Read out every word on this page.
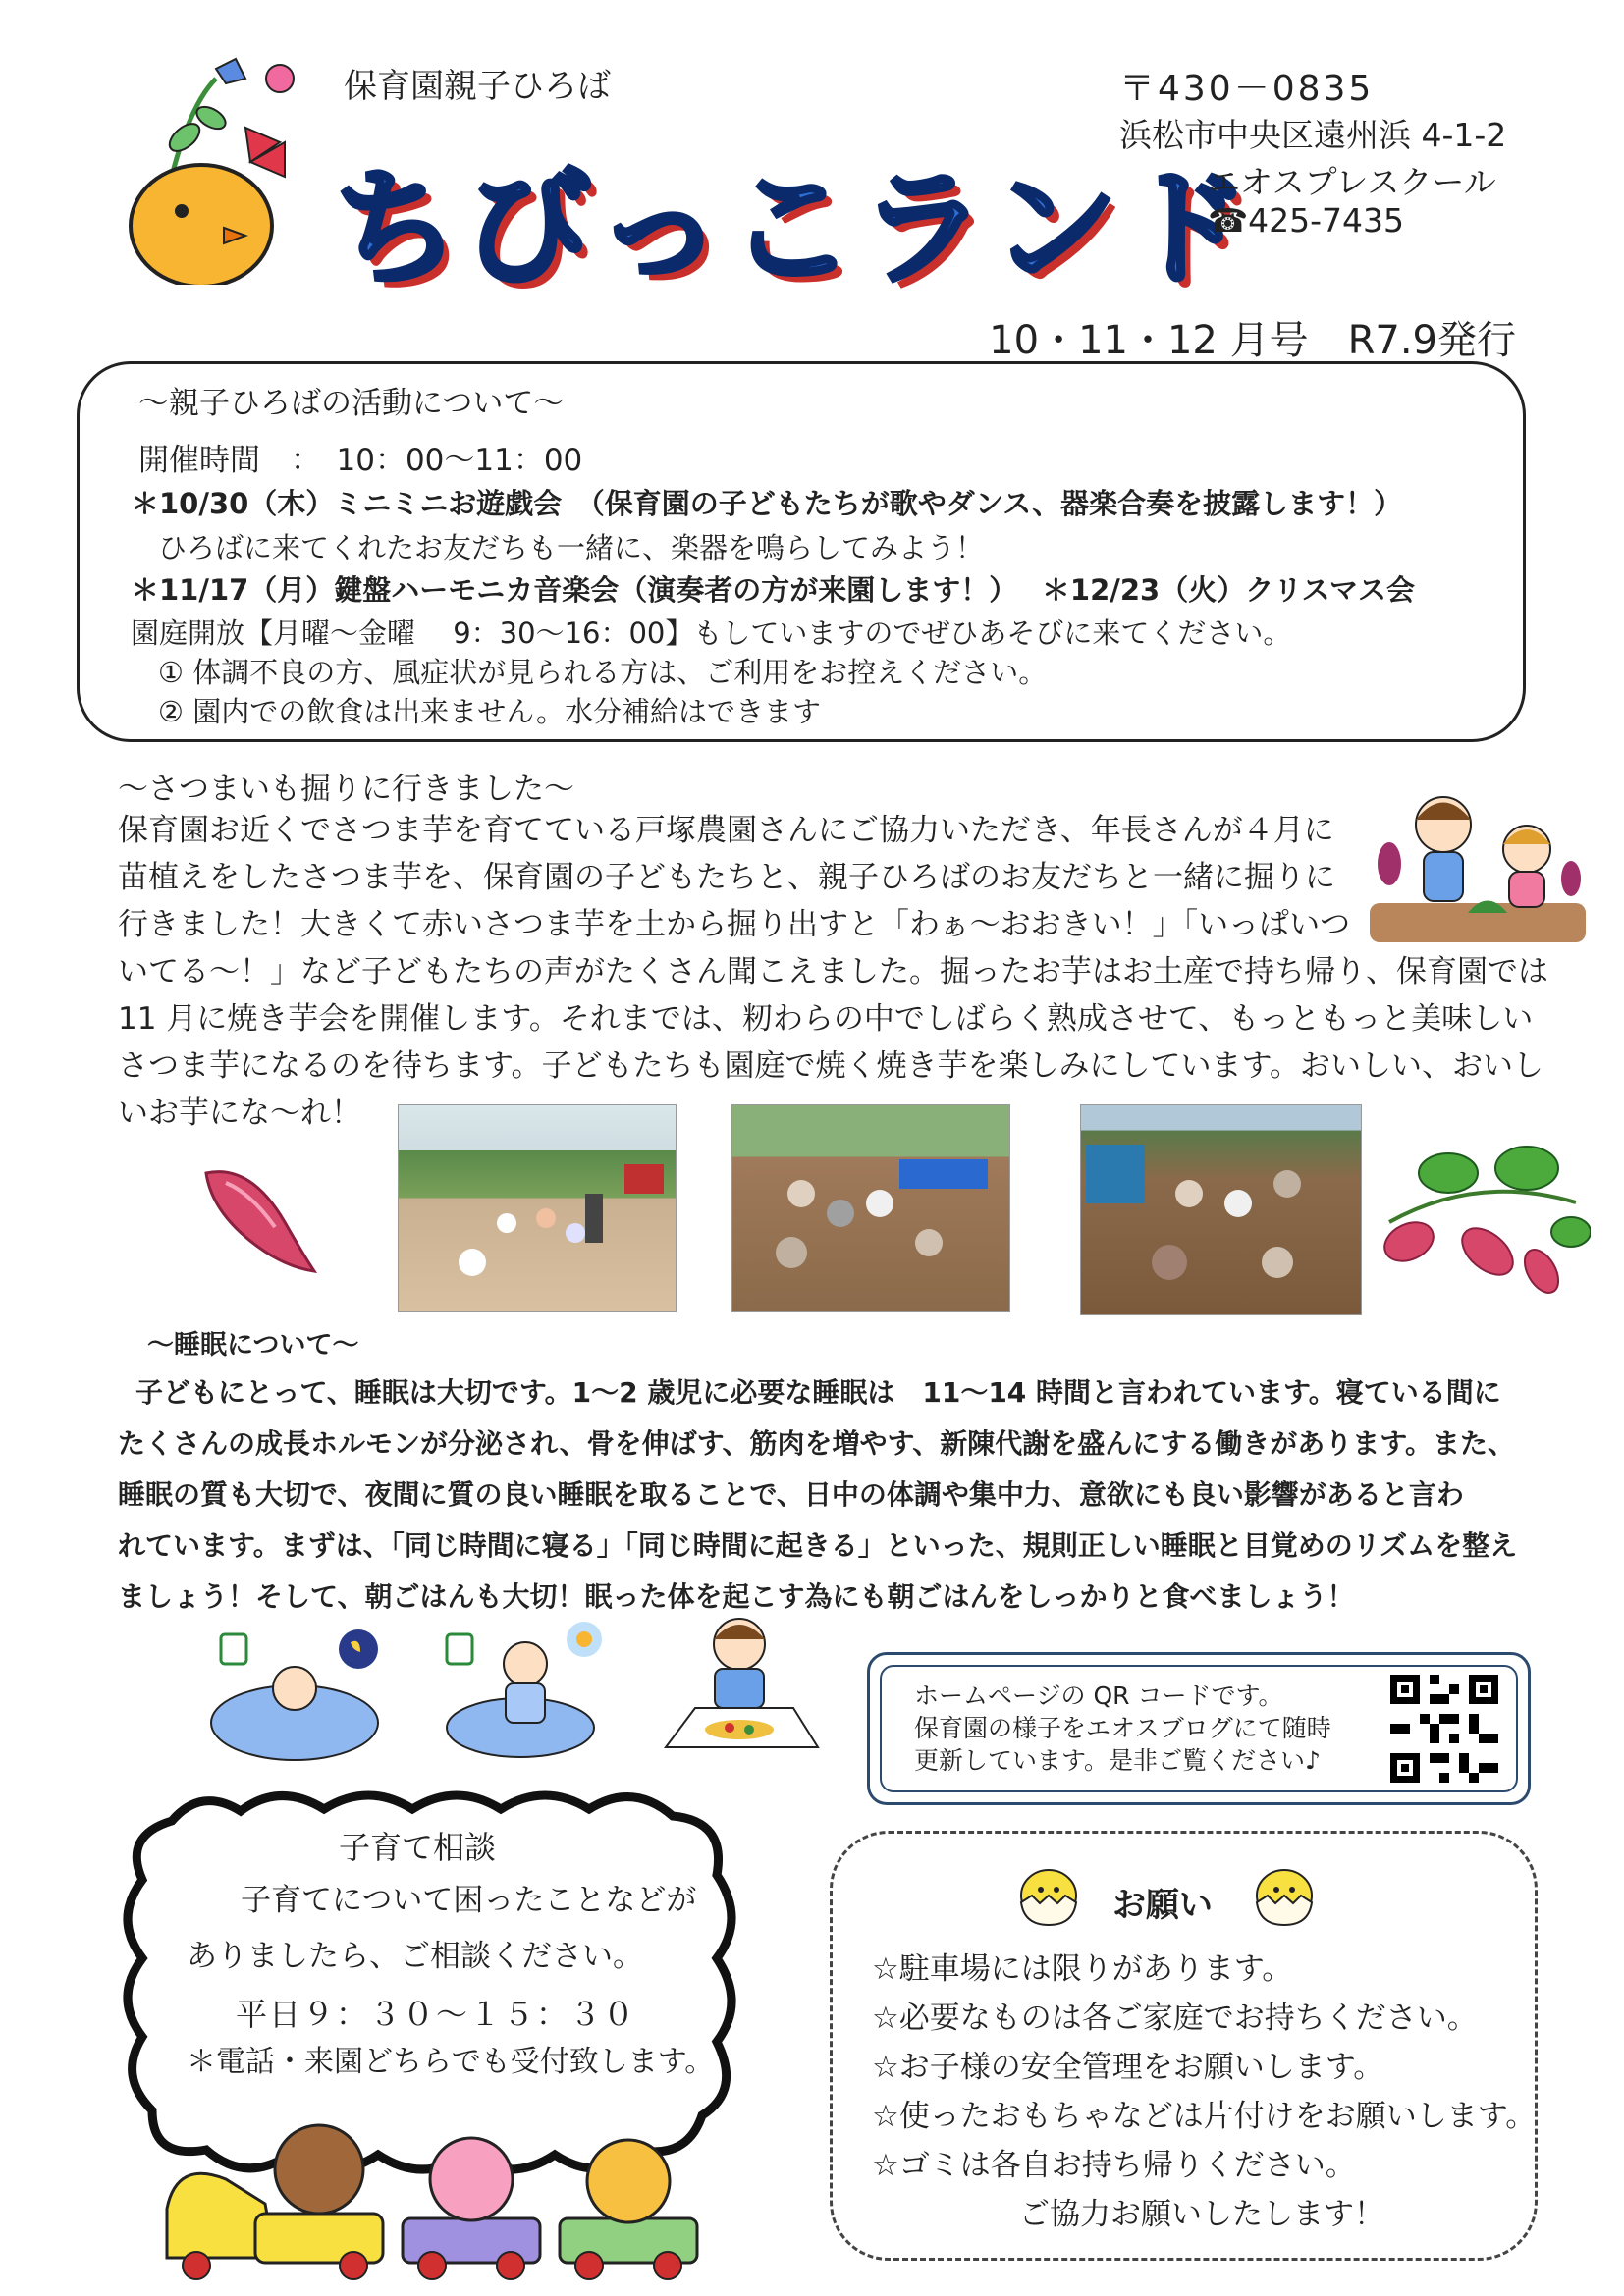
保育園親子ひろば
ちびっこランド
〒430－0835
浜松市中央区遠州浜 4-1-2
エオスプレスクール
☎425-7435
10・11・12 月号　R7.9発行
～親子ひろばの活動について～
開催時間　：　10：00～11：00
＊10/30（木）ミニミニお遊戯会　（保育園の子どもたちが歌やダンス、器楽合奏を披露します！）
ひろばに来てくれたお友だちも一緒に、楽器を鳴らしてみよう！
＊11/17（月）鍵盤ハーモニカ音楽会（演奏者の方が来園します！）　 ＊12/23（火）クリスマス会
園庭開放【月曜～金曜　 9：30～16：00】もしていますのでぜひあそびに来てください。
① 体調不良の方、風症状が見られる方は、ご利用をお控えください。
② 園内での飲食は出来ません。水分補給はできます
～さつまいも掘りに行きました～
保育園お近くでさつま芋を育てている戸塚農園さんにご協力いただき、年長さんが４月に
苗植えをしたさつま芋を、保育園の子どもたちと、親子ひろばのお友だちと一緒に掘りに
行きました！大きくて赤いさつま芋を土から掘り出すと「わぁ～おおきい！」「いっぱいつ
いてる～！」など子どもたちの声がたくさん聞こえました。掘ったお芋はお土産で持ち帰り、保育園では
11 月に焼き芋会を開催します。それまでは、籾わらの中でしばらく熟成させて、もっともっと美味しい
さつま芋になるのを待ちます。子どもたちも園庭で焼く焼き芋を楽しみにしています。おいしい、おいし
いお芋にな～れ！
～睡眠について～
子どもにとって、睡眠は大切です。1～2 歳児に必要な睡眠は　11～14 時間と言われています。寝ている間に
たくさんの成長ホルモンが分泌され、骨を伸ばす、筋肉を増やす、新陳代謝を盛んにする働きがあります。また、
睡眠の質も大切で、夜間に質の良い睡眠を取ることで、日中の体調や集中力、意欲にも良い影響があると言わ
れています。まずは、「同じ時間に寝る」「同じ時間に起きる」といった、規則正しい睡眠と目覚めのリズムを整え
ましょう！そして、朝ごはんも大切！眠った体を起こす為にも朝ごはんをしっかりと食べましょう！
ホームページの QR コードです。
保育園の様子をエオスブログにて随時
更新しています。是非ご覧ください♪
子育て相談
子育てについて困ったことなどが
ありましたら、ご相談ください。
平日９：３０～１５：３０
＊電話・来園どちらでも受付致します。
お願い
☆駐車場には限りがあります。
☆必要なものは各ご家庭でお持ちください。
☆お子様の安全管理をお願いします。
☆使ったおもちゃなどは片付けをお願いします。
☆ゴミは各自お持ち帰りください。
ご協力お願いしたします！
